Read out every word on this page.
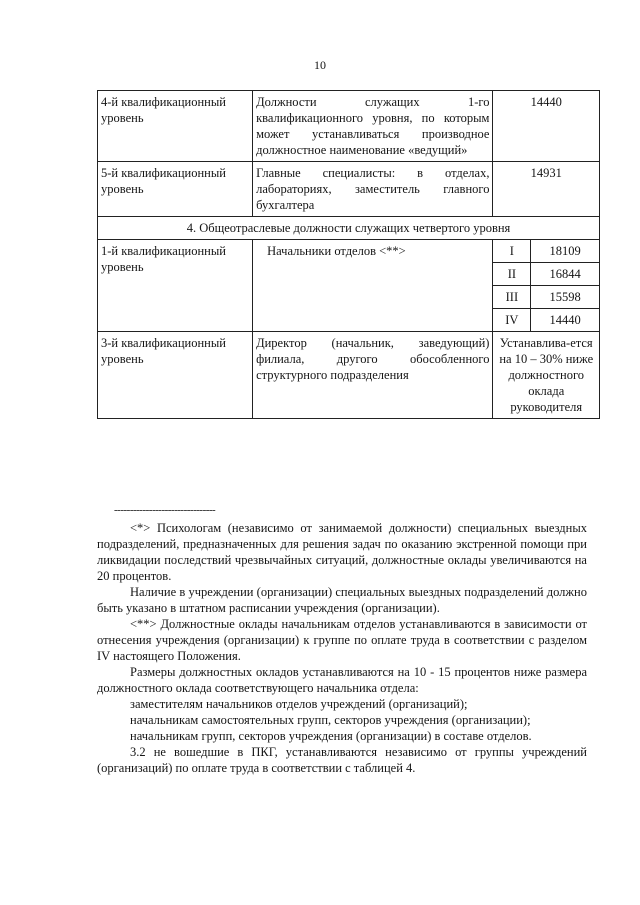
10
4-й квалификационный уровень	Должности служащих 1-го квалификационного уровня, по которым может устанавливаться производное должностное наименование «ведущий»	14440	
5-й квалификационный уровень	Главные специалисты: в отделах, лабораториях, заместитель главного бухгалтера	14931	
4. Общеотраслевые должности служащих четвертого уровня			
1-й квалификационный уровень	Начальники отделов <**>	I	18109
		II	16844
		III	15598
		IV	14440
3-й квалификационный уровень	Директор (начальник, заведующий) филиала, другого обособленного структурного подразделения	Устанавлива-ется на 10 – 30% ниже должностного оклада руководителя	
--------------------------------

<*> Психологам (независимо от занимаемой должности) специальных выездных подразделений, предназначенных для решения задач по оказанию экстренной помощи при ликвидации последствий чрезвычайных ситуаций, должностные оклады увеличиваются на 20 процентов.

Наличие в учреждении (организации) специальных выездных подразделений должно быть указано в штатном расписании учреждения (организации).

<**> Должностные оклады начальникам отделов устанавливаются в зависимости от отнесения учреждения (организации) к группе по оплате труда в соответствии с разделом IV настоящего Положения.

Размеры должностных окладов устанавливаются на 10 - 15 процентов ниже размера должностного оклада соответствующего начальника отдела:

заместителям начальников отделов учреждений (организаций);

начальникам самостоятельных групп, секторов учреждения (организации);

начальникам групп, секторов учреждения (организации) в составе отделов.

3.2 не вошедшие в ПКГ, устанавливаются независимо от группы учреждений (организаций) по оплате труда в соответствии с таблицей 4.
